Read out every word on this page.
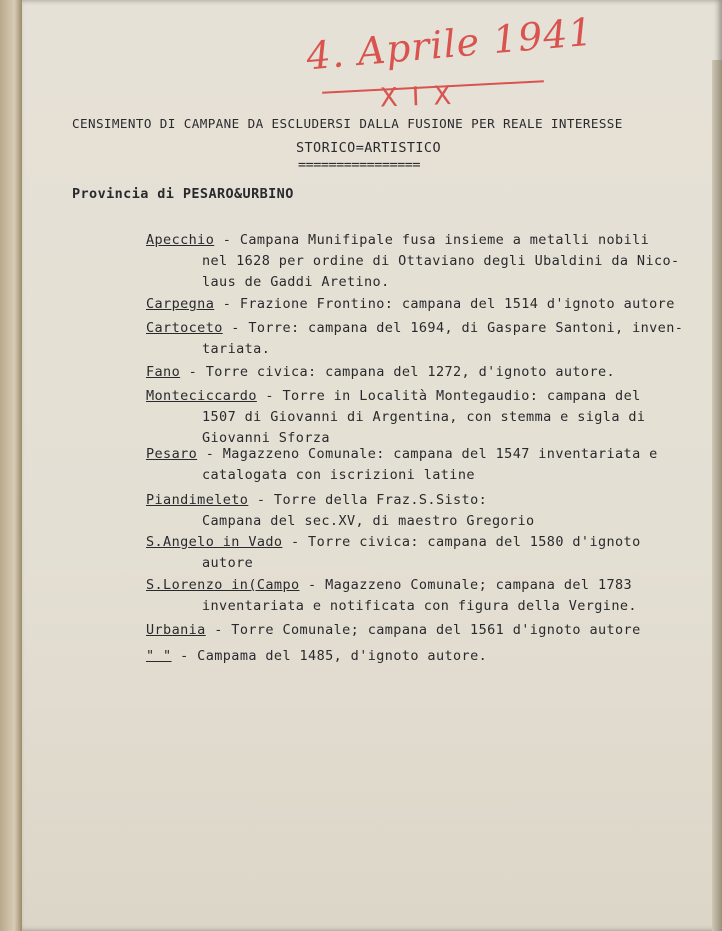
4. Aprile 1941
XIX
CENSIMENTO DI CAMPANE DA ESCLUDERSI DALLA FUSIONE PER REALE INTERESSE
STORICO=ARTISTICO
================
Provincia di PESARO&URBINO
Apecchio - Campana Munifipale fusa insieme a metalli nobili
nel 1628 per ordine di Ottaviano degli Ubaldini da Nico-
laus de Gaddi Aretino.
Carpegna - Frazione Frontino: campana del 1514 d'ignoto autore
Cartoceto - Torre: campana del 1694, di Gaspare Santoni, inven-
tariata.
Fano - Torre civica: campana del 1272, d'ignoto autore.
Monteciccardo - Torre in Località Montegaudio: campana del
1507 di Giovanni di Argentina, con stemma e sigla di
Giovanni Sforza
Pesaro - Magazzeno Comunale: campana del 1547 inventariata e
catalogata con iscrizioni latine
Piandimeleto - Torre della Fraz.S.Sisto:
Campana del sec.XV, di maestro Gregorio
S.Angelo in Vado - Torre civica: campana del 1580 d'ignoto
autore
S.Lorenzo in(Campo - Magazzeno Comunale; campana del 1783
inventariata e notificata con figura della Vergine.
Urbania - Torre Comunale; campana del 1561 d'ignoto autore
" " - Campama del 1485, d'ignoto autore.
